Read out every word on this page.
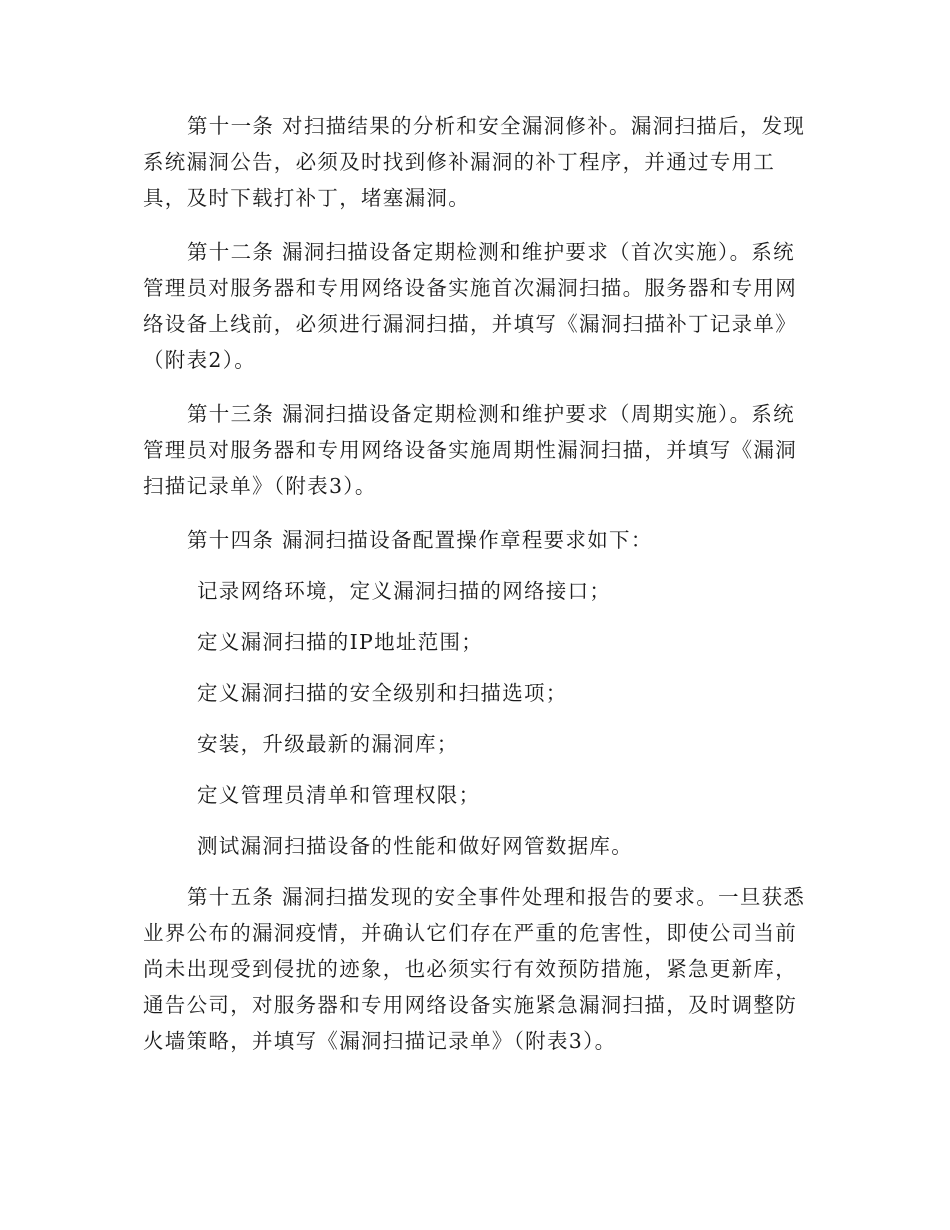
第十一条 对扫描结果的分析和安全漏洞修补。漏洞扫描后，发现
系统漏洞公告，必须及时找到修补漏洞的补丁程序，并通过专用工
具，及时下载打补丁，堵塞漏洞。
第十二条 漏洞扫描设备定期检测和维护要求（首次实施）。系统
管理员对服务器和专用网络设备实施首次漏洞扫描。服务器和专用网
络设备上线前，必须进行漏洞扫描，并填写《漏洞扫描补丁记录单》
（附表2）。
第十三条 漏洞扫描设备定期检测和维护要求（周期实施）。系统
管理员对服务器和专用网络设备实施周期性漏洞扫描，并填写《漏洞
扫描记录单》（附表3）。
第十四条 漏洞扫描设备配置操作章程要求如下：
记录网络环境，定义漏洞扫描的网络接口；
定义漏洞扫描的IP地址范围；
定义漏洞扫描的安全级别和扫描选项；
安装，升级最新的漏洞库；
定义管理员清单和管理权限；
测试漏洞扫描设备的性能和做好网管数据库。
第十五条 漏洞扫描发现的安全事件处理和报告的要求。一旦获悉
业界公布的漏洞疫情，并确认它们存在严重的危害性，即使公司当前
尚未出现受到侵扰的迹象，也必须实行有效预防措施，紧急更新库，
通告公司，对服务器和专用网络设备实施紧急漏洞扫描，及时调整防
火墙策略，并填写《漏洞扫描记录单》（附表3）。
